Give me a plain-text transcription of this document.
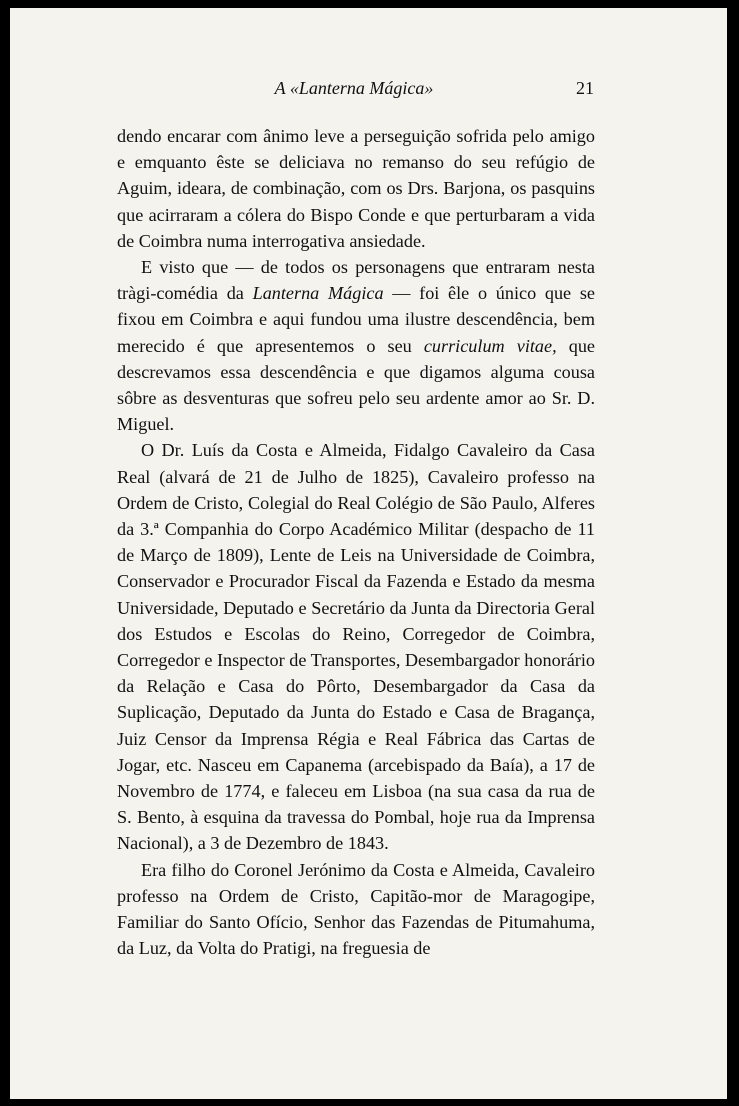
A «Lanterna Mágica»	21

dendo encarar com ânimo leve a perseguição sofrida pelo amigo e emquanto êste se deliciava no remanso do seu refúgio de Aguim, ideara, de combinação, com os Drs. Barjona, os pasquins que acirraram a cólera do Bispo Conde e que perturbaram a vida de Coimbra numa interrogativa ansiedade.

E visto que — de todos os personagens que entraram nesta tràgi-comédia da Lanterna Mágica — foi êle o único que se fixou em Coimbra e aqui fundou uma ilustre descendência, bem merecido é que apresentemos o seu curriculum vitae, que descrevamos essa descendência e que digamos alguma cousa sôbre as desventuras que sofreu pelo seu ardente amor ao Sr. D. Miguel.

O Dr. Luís da Costa e Almeida, Fidalgo Cavaleiro da Casa Real (alvará de 21 de Julho de 1825), Cavaleiro professo na Ordem de Cristo, Colegial do Real Colégio de São Paulo, Alferes da 3.ª Companhia do Corpo Académico Militar (despacho de 11 de Março de 1809), Lente de Leis na Universidade de Coimbra, Conservador e Procurador Fiscal da Fazenda e Estado da mesma Universidade, Deputado e Secretário da Junta da Directoria Geral dos Estudos e Escolas do Reino, Corregedor de Coimbra, Corregedor e Inspector de Transportes, Desembargador honorário da Relação e Casa do Pôrto, Desembargador da Casa da Suplicação, Deputado da Junta do Estado e Casa de Bragança, Juiz Censor da Imprensa Régia e Real Fábrica das Cartas de Jogar, etc. Nasceu em Capanema (arcebispado da Baía), a 17 de Novembro de 1774, e faleceu em Lisboa (na sua casa da rua de S. Bento, à esquina da travessa do Pombal, hoje rua da Imprensa Nacional), a 3 de Dezembro de 1843.

Era filho do Coronel Jerónimo da Costa e Almeida, Cavaleiro professo na Ordem de Cristo, Capitão-mor de Maragogipe, Familiar do Santo Ofício, Senhor das Fazendas de Pitumahuma, da Luz, da Volta do Pratigi, na freguesia de
